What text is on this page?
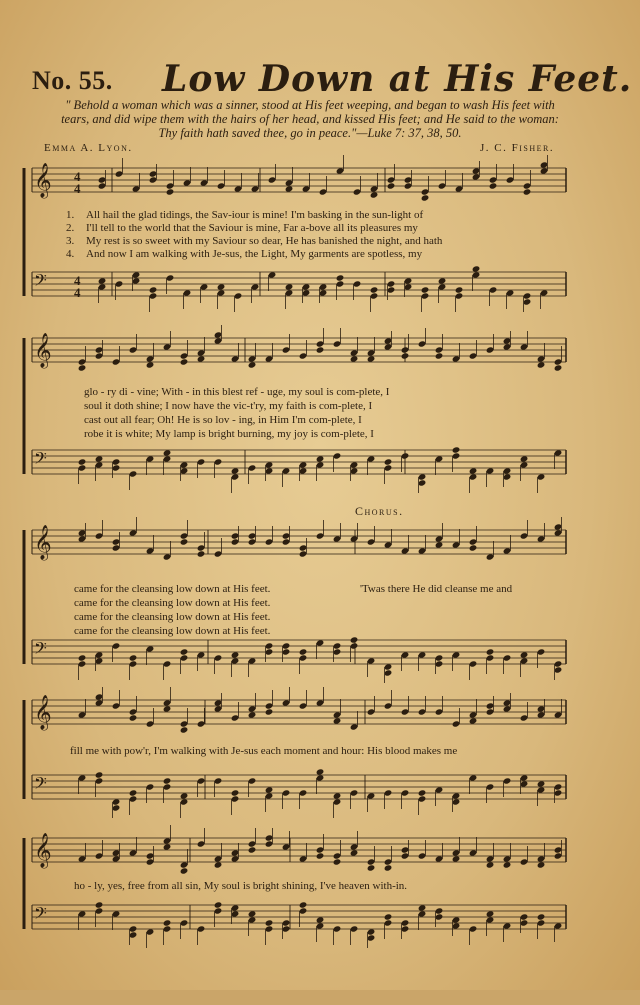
No. 55. Low Down at His Feet.
" Behold a woman which was a sinner, stood at His feet weeping, and began to wash His feet with tears, and did wipe them with the hairs of her head, and kissed His feet; and He said to the woman: Thy faith hath saved thee, go in peace."—Luke 7: 37, 38, 50.
Emma A. Lyon.	J. C. Fisher.
𝄞
𝄢
4
4
4
4
𝄞
𝄢
𝄞
𝄢
𝄞
𝄢
𝄞
𝄢
1. All hail the glad tidings, the Sav-iour is mine! I'm basking in the sun-light of
2. I'll tell to the world that the Saviour is mine, Far a-bove all its pleasures my
3. My rest is so sweet with my Saviour so dear, He has banished the night, and hath
4. And now I am walking with Je-sus, the Light, My garments are spotless, my
glo - ry di - vine; With - in this blest ref - uge, my soul is com-plete, I
soul it doth shine; I now have the vic-t'ry, my faith is com-plete, I
cast out all fear; Oh! He is so lov - ing, in Him I'm com-plete, I
robe it is white; My lamp is bright burning, my joy is com-plete, I
Chorus.
came for the cleansing low down at His feet.
came for the cleansing low down at His feet.
came for the cleansing low down at His feet.
came for the cleansing low down at His feet.
'Twas there He did cleanse me and
fill me with pow'r, I'm walking with Je-sus each moment and hour: His blood makes me
ho - ly, yes, free from all sin, My soul is bright shining, I've heaven with-in.
